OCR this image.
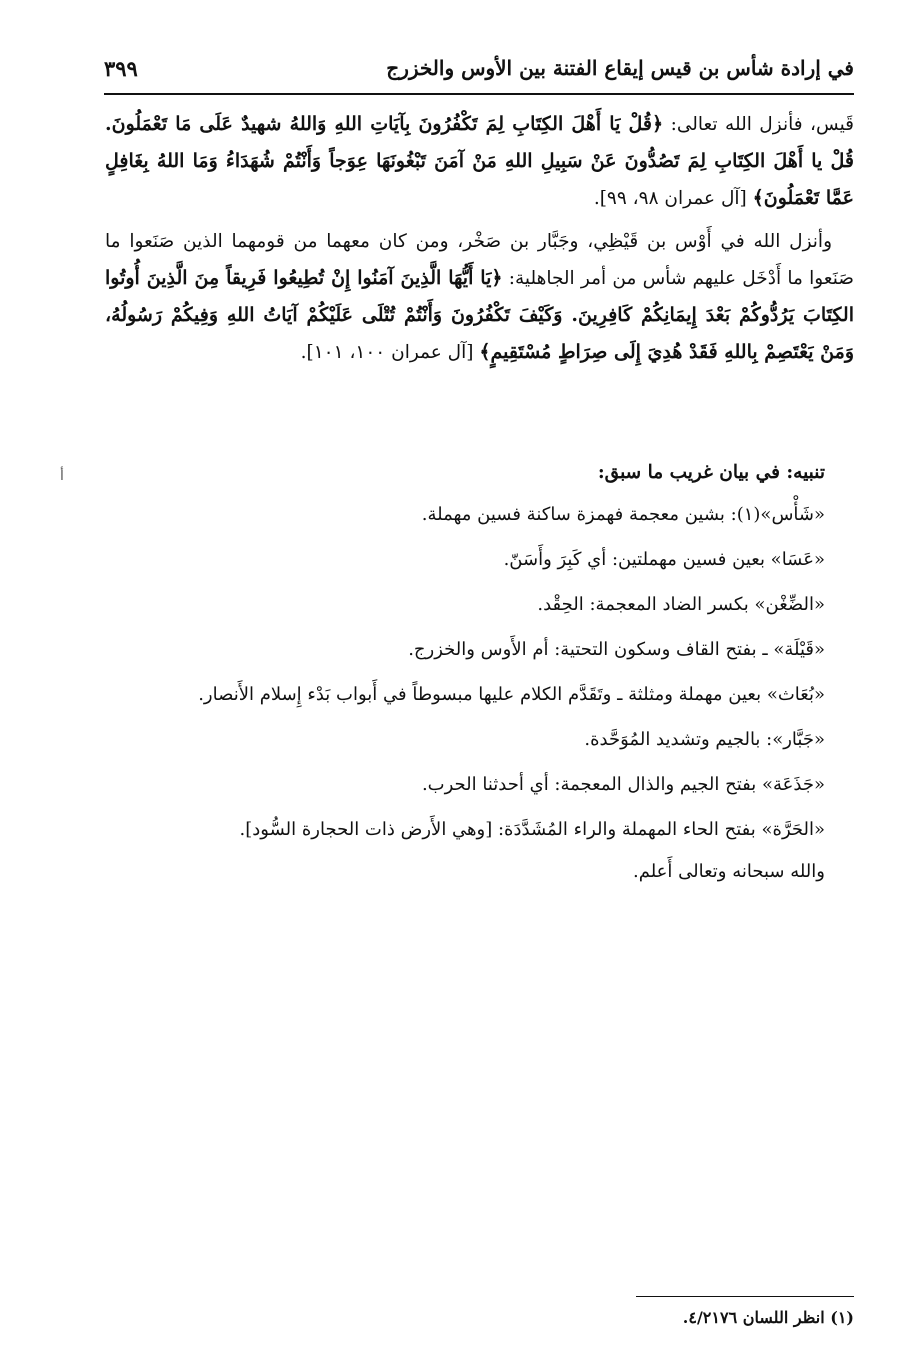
في إرادة شأس بن قيس إيقاع الفتنة بين الأوس والخزرج
٣٩٩

قَيس، فأنزل الله تعالى: ﴿قُلْ يَا أَهْلَ الكِتَابِ لِمَ تَكْفُرُونَ بِآيَاتِ اللهِ وَاللهُ شهيدٌ عَلَى مَا تَعْمَلُونَ. قُلْ يا أَهْلَ الكِتَابِ لِمَ تَصُدُّونَ عَنْ سَبِيلِ اللهِ مَنْ آمَنَ تَبْغُونَهَا عِوَجاً وَأَنْتُمْ شُهَدَاءُ وَمَا اللهُ بِغَافِلٍ عَمَّا تَعْمَلُونَ﴾ [آل عمران ٩٨، ٩٩].

وأنزل الله في أَوْس بن قَيْظِي، وجَبَّار بن صَخْر، ومن كان معهما من قومهما الذين صَنَعوا ما صَنَعوا ما أَدْخَل عليهم شأس من أمر الجاهلية: ﴿يَا أَيُّهَا الَّذِينَ آمَنُوا إِنْ تُطِيعُوا فَرِيقاً مِنَ الَّذِينَ أُوتُوا الكِتَابَ يَرُدُّوكُمْ بَعْدَ إِيمَانِكُمْ كَافِرِينَ. وَكَيْفَ تَكْفُرُونَ وَأَنْتُمْ تُتْلَى عَلَيْكُمْ آيَاتُ اللهِ وَفِيكُمْ رَسُولُهُ، وَمَنْ يَعْتَصِمْ بِاللهِ فَقَدْ هُدِيَ إِلَى صِرَاطٍ مُسْتَقِيمٍ﴾ [آل عمران ١٠٠، ١٠١].

أ	تنبيه: في بيان غريب ما سبق:

«شَأْس»(١): بشين معجمة فهمزة ساكنة فسين مهملة.

«عَسَا» بعين فسين مهملتين: أي كَبِرَ وأَسَنّ.

«الضِّغْن» بكسر الضاد المعجمة: الحِقْد.

«قَيْلَة» ـ بفتح القاف وسكون التحتية: أم الأَوس والخزرج.

«بُعَاث» بعين مهملة ومثلثة ـ وتَقَدَّم الكلام عليها مبسوطاً في أَبواب بَدْء إِسلام الأَنصار.

«جَبَّار»: بالجيم وتشديد المُوَحَّدة.

«جَذَعَة» بفتح الجيم والذال المعجمة: أي أحدثنا الحرب.

«الحَرَّة» بفتح الحاء المهملة والراء المُشَدَّدَة: [وهي الأَرض ذات الحجارة السُّود].

والله سبحانه وتعالى أَعلم.

(١) انظر اللسان ٤/٢١٧٦.
